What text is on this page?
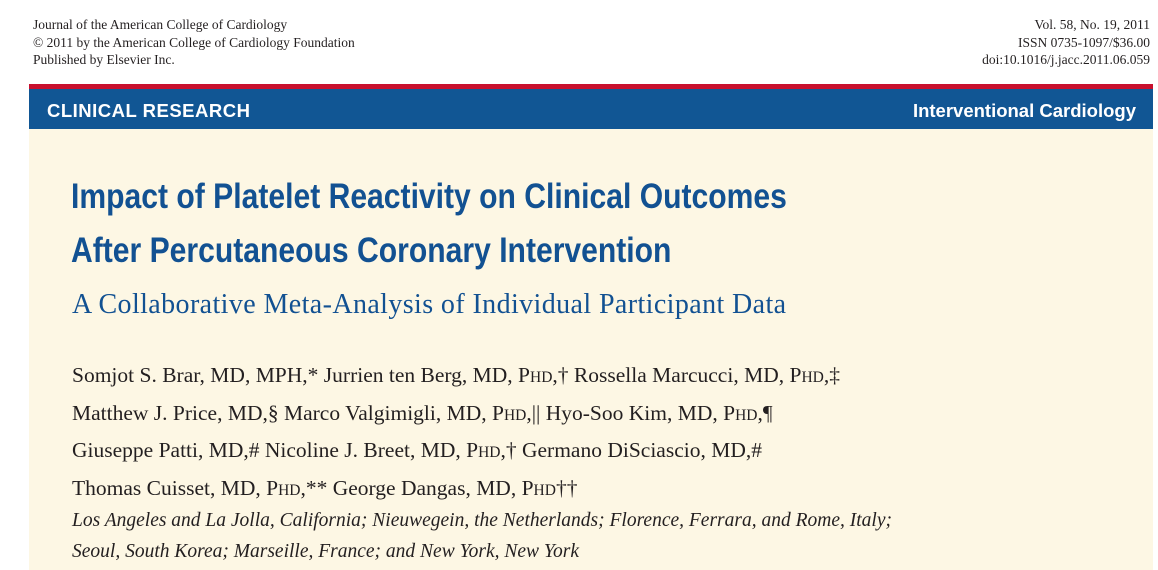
Journal of the American College of Cardiology
© 2011 by the American College of Cardiology Foundation
Published by Elsevier Inc.
Vol. 58, No. 19, 2011
ISSN 0735-1097/$36.00
doi:10.1016/j.jacc.2011.06.059
CLINICAL RESEARCH	Interventional Cardiology
Impact of Platelet Reactivity on Clinical Outcomes
After Percutaneous Coronary Intervention
A Collaborative Meta-Analysis of Individual Participant Data
Somjot S. Brar, MD, MPH,* Jurrien ten Berg, MD, PHD,† Rossella Marcucci, MD, PHD,‡
Matthew J. Price, MD,§ Marco Valgimigli, MD, PHD,|| Hyo-Soo Kim, MD, PHD,¶
Giuseppe Patti, MD,# Nicoline J. Breet, MD, PHD,† Germano DiSciascio, MD,#
Thomas Cuisset, MD, PHD,** George Dangas, MD, PHD††
Los Angeles and La Jolla, California; Nieuwegein, the Netherlands; Florence, Ferrara, and Rome, Italy;
Seoul, South Korea; Marseille, France; and New York, New York
